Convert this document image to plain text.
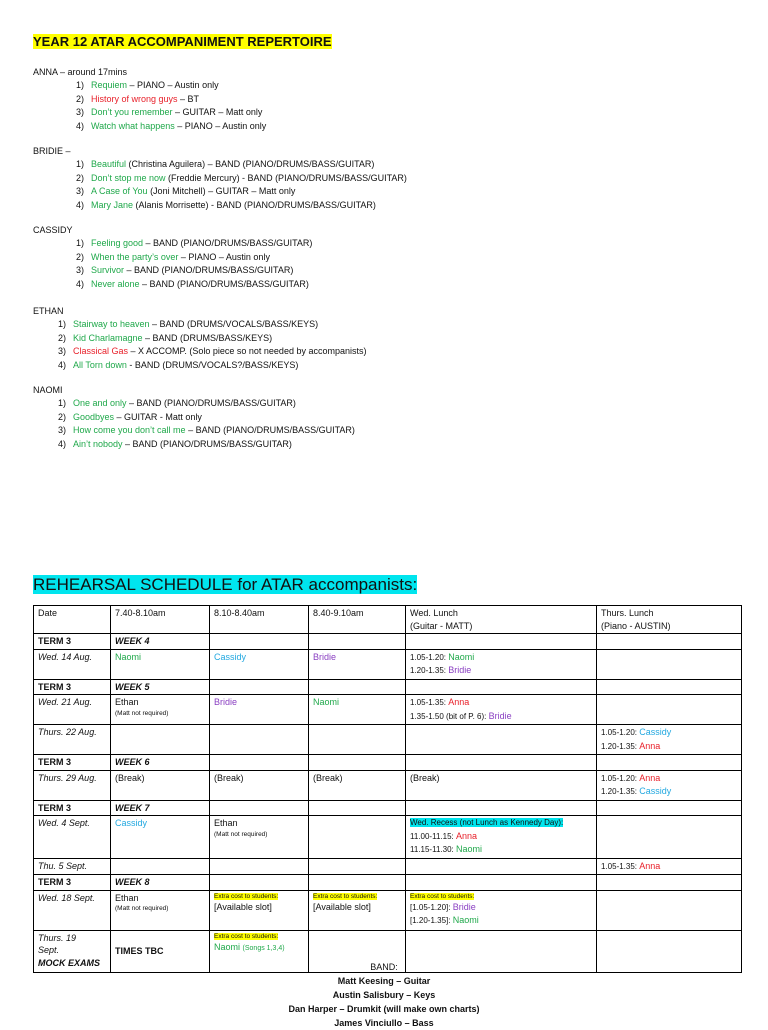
YEAR 12 ATAR ACCOMPANIMENT REPERTOIRE
ANNA – around 17mins
1) Requiem – PIANO – Austin only
2) History of wrong guys – BT
3) Don’t you remember – GUITAR – Matt only
4) Watch what happens – PIANO – Austin only
BRIDIE –
1) Beautiful (Christina Aguilera) – BAND (PIANO/DRUMS/BASS/GUITAR)
2) Don’t stop me now (Freddie Mercury) - BAND (PIANO/DRUMS/BASS/GUITAR)
3) A Case of You (Joni Mitchell) – GUITAR – Matt only
4) Mary Jane (Alanis Morrisette) - BAND (PIANO/DRUMS/BASS/GUITAR)
CASSIDY
1) Feeling good – BAND (PIANO/DRUMS/BASS/GUITAR)
2) When the party’s over – PIANO – Austin only
3) Survivor – BAND (PIANO/DRUMS/BASS/GUITAR)
4) Never alone – BAND (PIANO/DRUMS/BASS/GUITAR)
ETHAN
1) Stairway to heaven – BAND (DRUMS/VOCALS/BASS/KEYS)
2) Kid Charlamagne – BAND (DRUMS/BASS/KEYS)
3) Classical Gas – X ACCOMP. (Solo piece so not needed by accompanists)
4) All Torn down - BAND (DRUMS/VOCALS?/BASS/KEYS)
NAOMI
1) One and only – BAND (PIANO/DRUMS/BASS/GUITAR)
2) Goodbyes – GUITAR - Matt only
3) How come you don’t call me – BAND (PIANO/DRUMS/BASS/GUITAR)
4) Ain’t nobody – BAND (PIANO/DRUMS/BASS/GUITAR)
REHEARSAL SCHEDULE for ATAR accompanists:
Date	7.40-8.10am	8.10-8.40am	8.40-9.10am	Wed. Lunch
(Guitar - MATT)	Thurs. Lunch
(Piano - AUSTIN)
TERM 3	WEEK 4				
Wed. 14 Aug.	Naomi	Cassidy	Bridie	1.05-1.20: Naomi
1.20-1.35: Bridie	

TERM 3	WEEK 5				
Wed. 21 Aug.	Ethan
(Matt not required)	Bridie	Naomi	1.05-1.35: Anna
1.35-1.50 (bit of P. 6): Bridie	

Thurs. 22 Aug.					1.05-1.20: Cassidy
1.20-1.35: Anna

TERM 3	WEEK 6				
Thurs. 29 Aug.	(Break)	(Break)	(Break)	(Break)	1.05-1.20: Anna
1.20-1.35: Cassidy

TERM 3	WEEK 7				
Wed. 4 Sept.	Cassidy	Ethan
(Matt not required)		Wed. Recess (not Lunch as Kennedy Day):
11.00-11.15: Anna
11.15-11.30: Naomi	

Thu. 5 Sept.					1.05-1.35: Anna

TERM 3	WEEK 8				
Wed. 18 Sept.	Ethan
(Matt not required)	Extra cost to students:
[Available slot]	Extra cost to students:
[Available slot]	Extra cost to students:
[1.05-1.20]: Bridie
[1.20-1.35]: Naomi	

Thurs. 19
Sept.
MOCK EXAMS	TIMES TBC	Extra cost to students:
Naomi (Songs 1,3,4)			
BAND:
Matt Keesing – Guitar
Austin Salisbury – Keys
Dan Harper – Drumkit (will make own charts)
James Vinciullo – Bass
